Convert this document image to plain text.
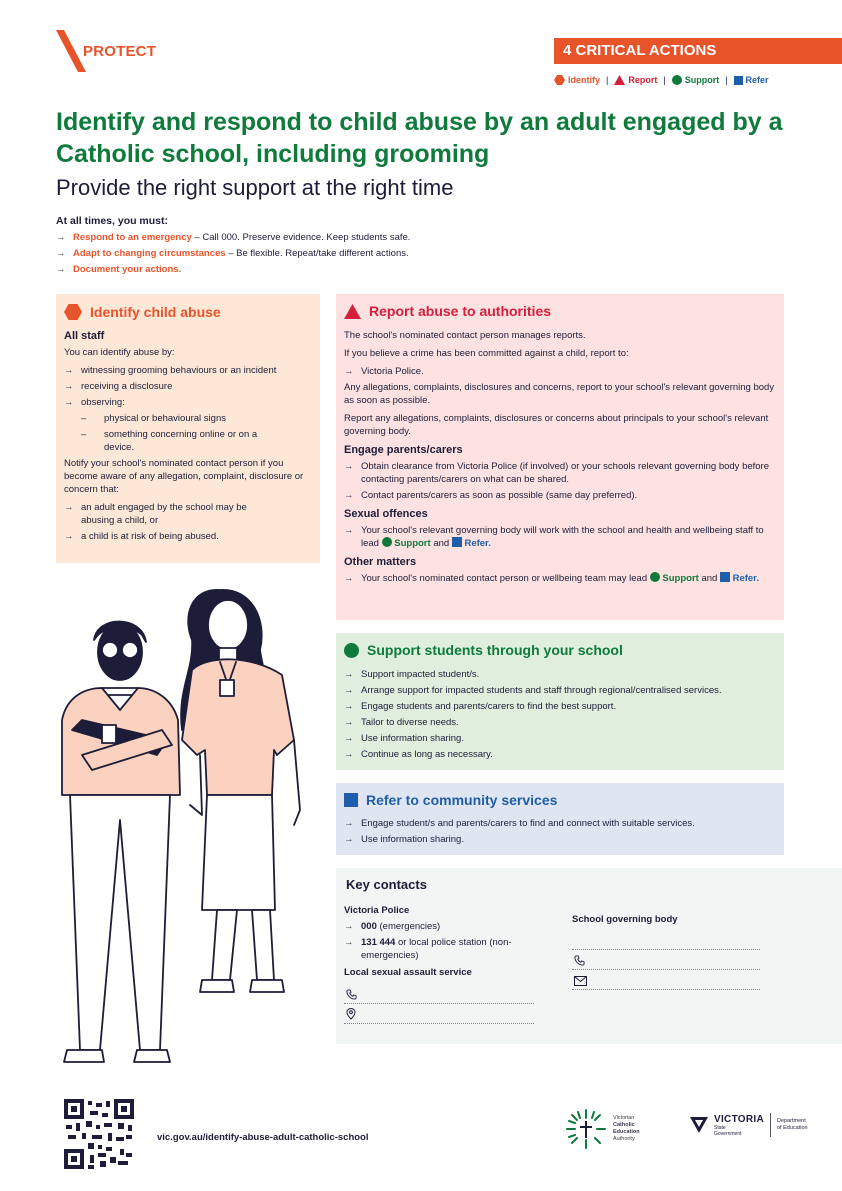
PROTECT	4 CRITICAL ACTIONS
Identify | Report | Support | Refer
Identify and respond to child abuse by an adult engaged by a Catholic school, including grooming
Provide the right support at the right time
At all times, you must:
→ Respond to an emergency – Call 000. Preserve evidence. Keep students safe.
→ Adapt to changing circumstances – Be flexible. Repeat/take different actions.
→ Document your actions.
Identify child abuse
All staff
You can identify abuse by:
→ witnessing grooming behaviours or an incident
→ receiving a disclosure
→ observing:
–	physical or behavioural signs
–	something concerning online or on a device.
Notify your school's nominated contact person if you become aware of any allegation, complaint, disclosure or concern that:
→ an adult engaged by the school may be abusing a child, or
→ a child is at risk of being abused.
Report abuse to authorities
The school's nominated contact person manages reports.
If you believe a crime has been committed against a child, report to:
→ Victoria Police.
Any allegations, complaints, disclosures and concerns, report to your school's relevant governing body as soon as possible.
Report any allegations, complaints, disclosures or concerns about principals to your school's relevant governing body.
Engage parents/carers
→ Obtain clearance from Victoria Police (if involved) or your schools relevant governing body before contacting parents/carers on what can be shared.
→ Contact parents/carers as soon as possible (same day preferred).
Sexual offences
→ Your school's relevant governing body will work with the school and health and wellbeing staff to lead Support and Refer.
Other matters
→ Your school's nominated contact person or wellbeing team may lead Support and Refer.
Support students through your school
→ Support impacted student/s.
→ Arrange support for impacted students and staff through regional/centralised services.
→ Engage students and parents/carers to find the best support.
→ Tailor to diverse needs.
→ Use information sharing.
→ Continue as long as necessary.
Refer to community services
→ Engage student/s and parents/carers to find and connect with suitable services.
→ Use information sharing.
Key contacts
Victoria Police
→ 000 (emergencies)
→ 131 444 or local police station (non-emergencies)
Local sexual assault service
School governing body
vic.gov.au/identify-abuse-adult-catholic-school
Victorian
Catholic
Education
Authority
VICTORIA
State
Government
Department
of Education
